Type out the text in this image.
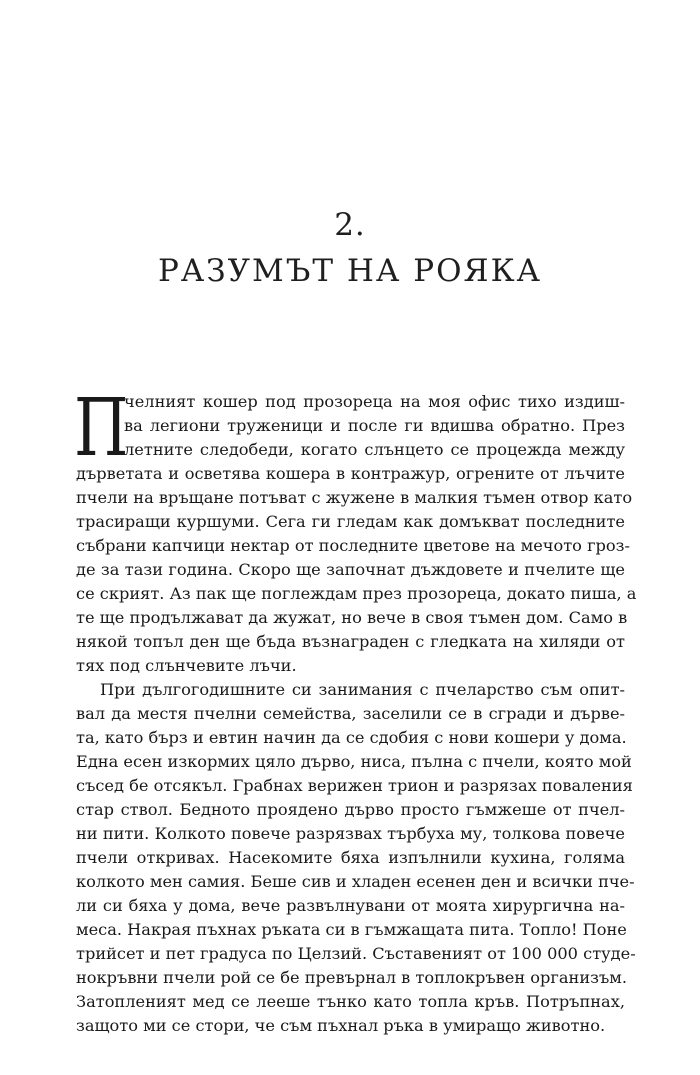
2.
РАЗУМЪТ НА РОЯКА
П
челният кошер под прозореца на моя офис тихо издиш-
ва легиони труженици и после ги вдишва обратно. През
летните следобеди, когато слънцето се процежда между
дърветата и осветява кошера в контражур, огрените от лъчите
пчели на връщане потъват с жужене в малкия тъмен отвор като
трасиращи куршуми. Сега ги гледам как домъкват последните
събрани капчици нектар от последните цветове на мечото грoз-
де за тази година. Скоро ще започнат дъждовете и пчелите ще
се скрият. Аз пак ще поглеждам през прозореца, докато пиша, а
те ще продължават да жужат, но вече в своя тъмен дом. Само в
някой топъл ден ще бъда възнаграден с гледката на хиляди от
тях под слънчевите лъчи.
При дългогодишните си занимания с пчеларство съм опит-
вал да местя пчелни семейства, заселили се в сгради и дърве-
та, като бърз и евтин начин да се сдобия с нови кошери у дома.
Една есен изкормих цяло дърво, ниса, пълна с пчели, която мой
съсед бе отсякъл. Грабнах верижен трион и разрязах поваления
стар ствол. Бедното проядено дърво просто гъмжеше от пчел-
ни пити. Колкото повече разрязвах търбуха му, толкова повече
пчели откривах. Насекомите бяха изпълнили кухина, голяма
колкото мен самия. Беше сив и хладен есенен ден и всички пче-
ли си бяха у дома, вече развълнувани от моята хирургична на-
меса. Накрая пъхнах ръката си в гъмжащата пита. Топло! Поне
трийсет и пет градуса по Целзий. Съставеният от 100 000 студе-
нокръвни пчели рой се бе превърнал в топлокръвен организъм.
Затопленият мед се лееше тънко като топла кръв. Потръпнах,
защото ми се стори, че съм пъхнал ръка в умиращо животно.
